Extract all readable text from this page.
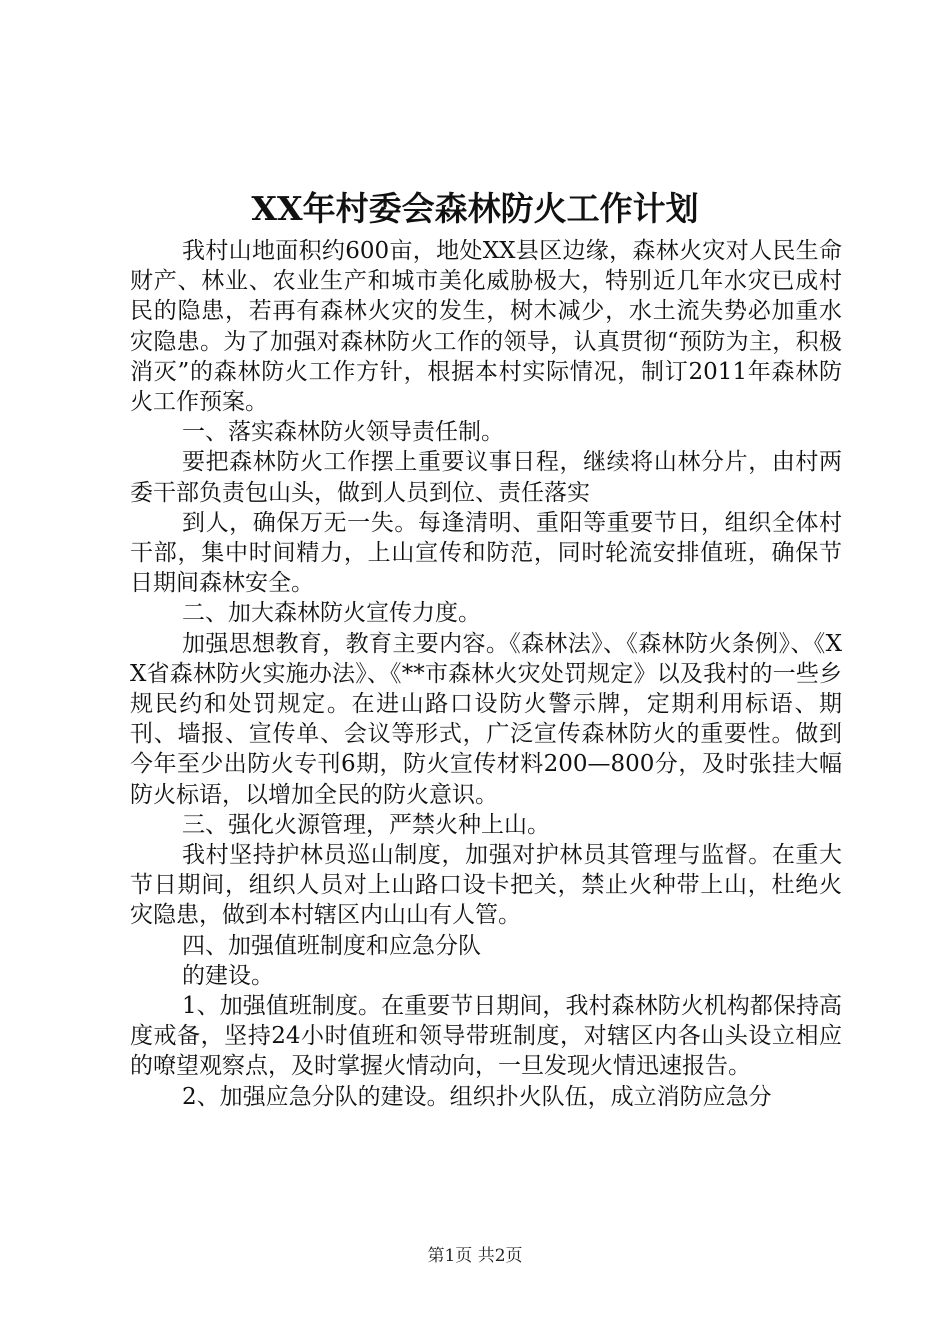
XX年村委会森林防火工作计划

我村山地面积约600亩，地处XX县区边缘，森林火灾对人民生命财产、林业、农业生产和城市美化威胁极大，特别近几年水灾已成村民的隐患，若再有森林火灾的发生，树木减少，水土流失势必加重水灾隐患。为了加强对森林防火工作的领导，认真贯彻“预防为主，积极消灭”的森林防火工作方针，根据本村实际情况，制订2011年森林防火工作预案。

一、落实森林防火领导责任制。

要把森林防火工作摆上重要议事日程，继续将山林分片，由村两委干部负责包山头，做到人员到位、责任落实

到人，确保万无一失。每逢清明、重阳等重要节日，组织全体村干部，集中时间精力，上山宣传和防范，同时轮流安排值班，确保节日期间森林安全。

二、加大森林防火宣传力度。

加强思想教育，教育主要内容。《森林法》、《森林防火条例》、《XX省森林防火实施办法》、《**市森林火灾处罚规定》以及我村的一些乡规民约和处罚规定。在进山路口设防火警示牌，定期利用标语、期刊、墙报、宣传单、会议等形式，广泛宣传森林防火的重要性。做到今年至少出防火专刊6期，防火宣传材料200—800分，及时张挂大幅防火标语，以增加全民的防火意识。

三、强化火源管理，严禁火种上山。

我村坚持护林员巡山制度，加强对护林员其管理与监督。在重大节日期间，组织人员对上山路口设卡把关，禁止火种带上山，杜绝火灾隐患，做到本村辖区内山山有人管。

四、加强值班制度和应急分队

的建设。

1、加强值班制度。在重要节日期间，我村森林防火机构都保持高度戒备，坚持24小时值班和领导带班制度，对辖区内各山头设立相应的嘹望观察点，及时掌握火情动向，一旦发现火情迅速报告。

2、加强应急分队的建设。组织扑火队伍，成立消防应急分

第1页 共2页
